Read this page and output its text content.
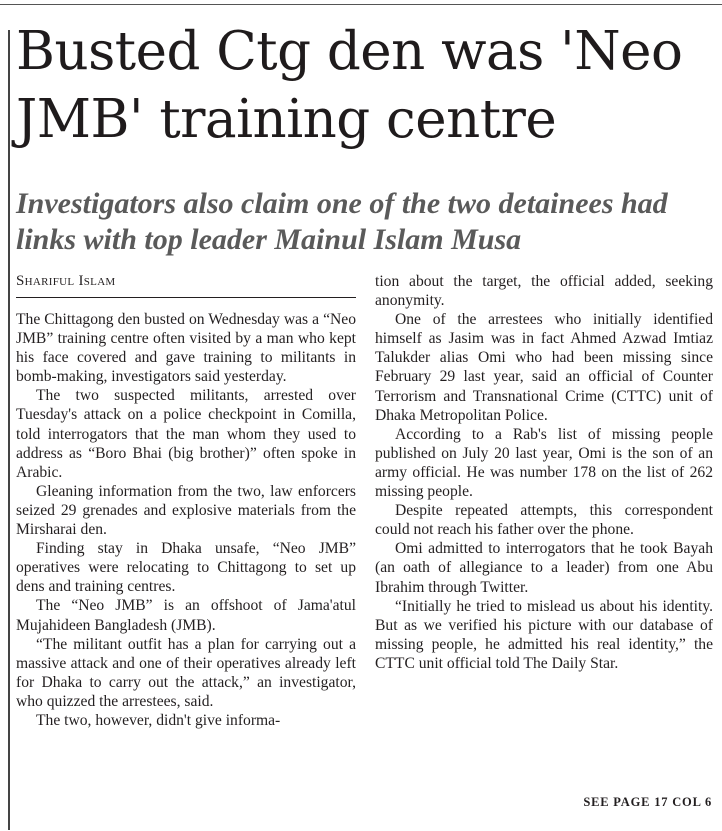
Busted Ctg den was 'Neo JMB' training centre
Investigators also claim one of the two detainees had links with top leader Mainul Islam Musa
Shariful Islam

The Chittagong den busted on Wednesday was a “Neo JMB” training centre often visited by a man who kept his face covered and gave training to militants in bomb-making, investigators said yesterday.

The two suspected militants, arrested over Tuesday's attack on a police checkpoint in Comilla, told interrogators that the man whom they used to address as “Boro Bhai (big brother)” often spoke in Arabic.

Gleaning information from the two, law enforcers seized 29 grenades and explosive materials from the Mirsharai den.

Finding stay in Dhaka unsafe, “Neo JMB” operatives were relocating to Chittagong to set up dens and training centres.

The “Neo JMB” is an offshoot of Jama'atul Mujahideen Bangladesh (JMB).

“The militant outfit has a plan for carrying out a massive attack and one of their operatives already left for Dhaka to carry out the attack,” an investigator, who quizzed the arrestees, said.

The two, however, didn't give informa-

tion about the target, the official added, seeking anonymity.

One of the arrestees who initially identified himself as Jasim was in fact Ahmed Azwad Imtiaz Talukder alias Omi who had been missing since February 29 last year, said an official of Counter Terrorism and Transnational Crime (CTTC) unit of Dhaka Metropolitan Police.

According to a Rab's list of missing people published on July 20 last year, Omi is the son of an army official. He was number 178 on the list of 262 missing people.

Despite repeated attempts, this correspondent could not reach his father over the phone.

Omi admitted to interrogators that he took Bayah (an oath of allegiance to a leader) from one Abu Ibrahim through Twitter.

“Initially he tried to mislead us about his identity. But as we verified his picture with our database of missing people, he admitted his real identity,” the CTTC unit official told The Daily Star.

SEE PAGE 17 COL 6
